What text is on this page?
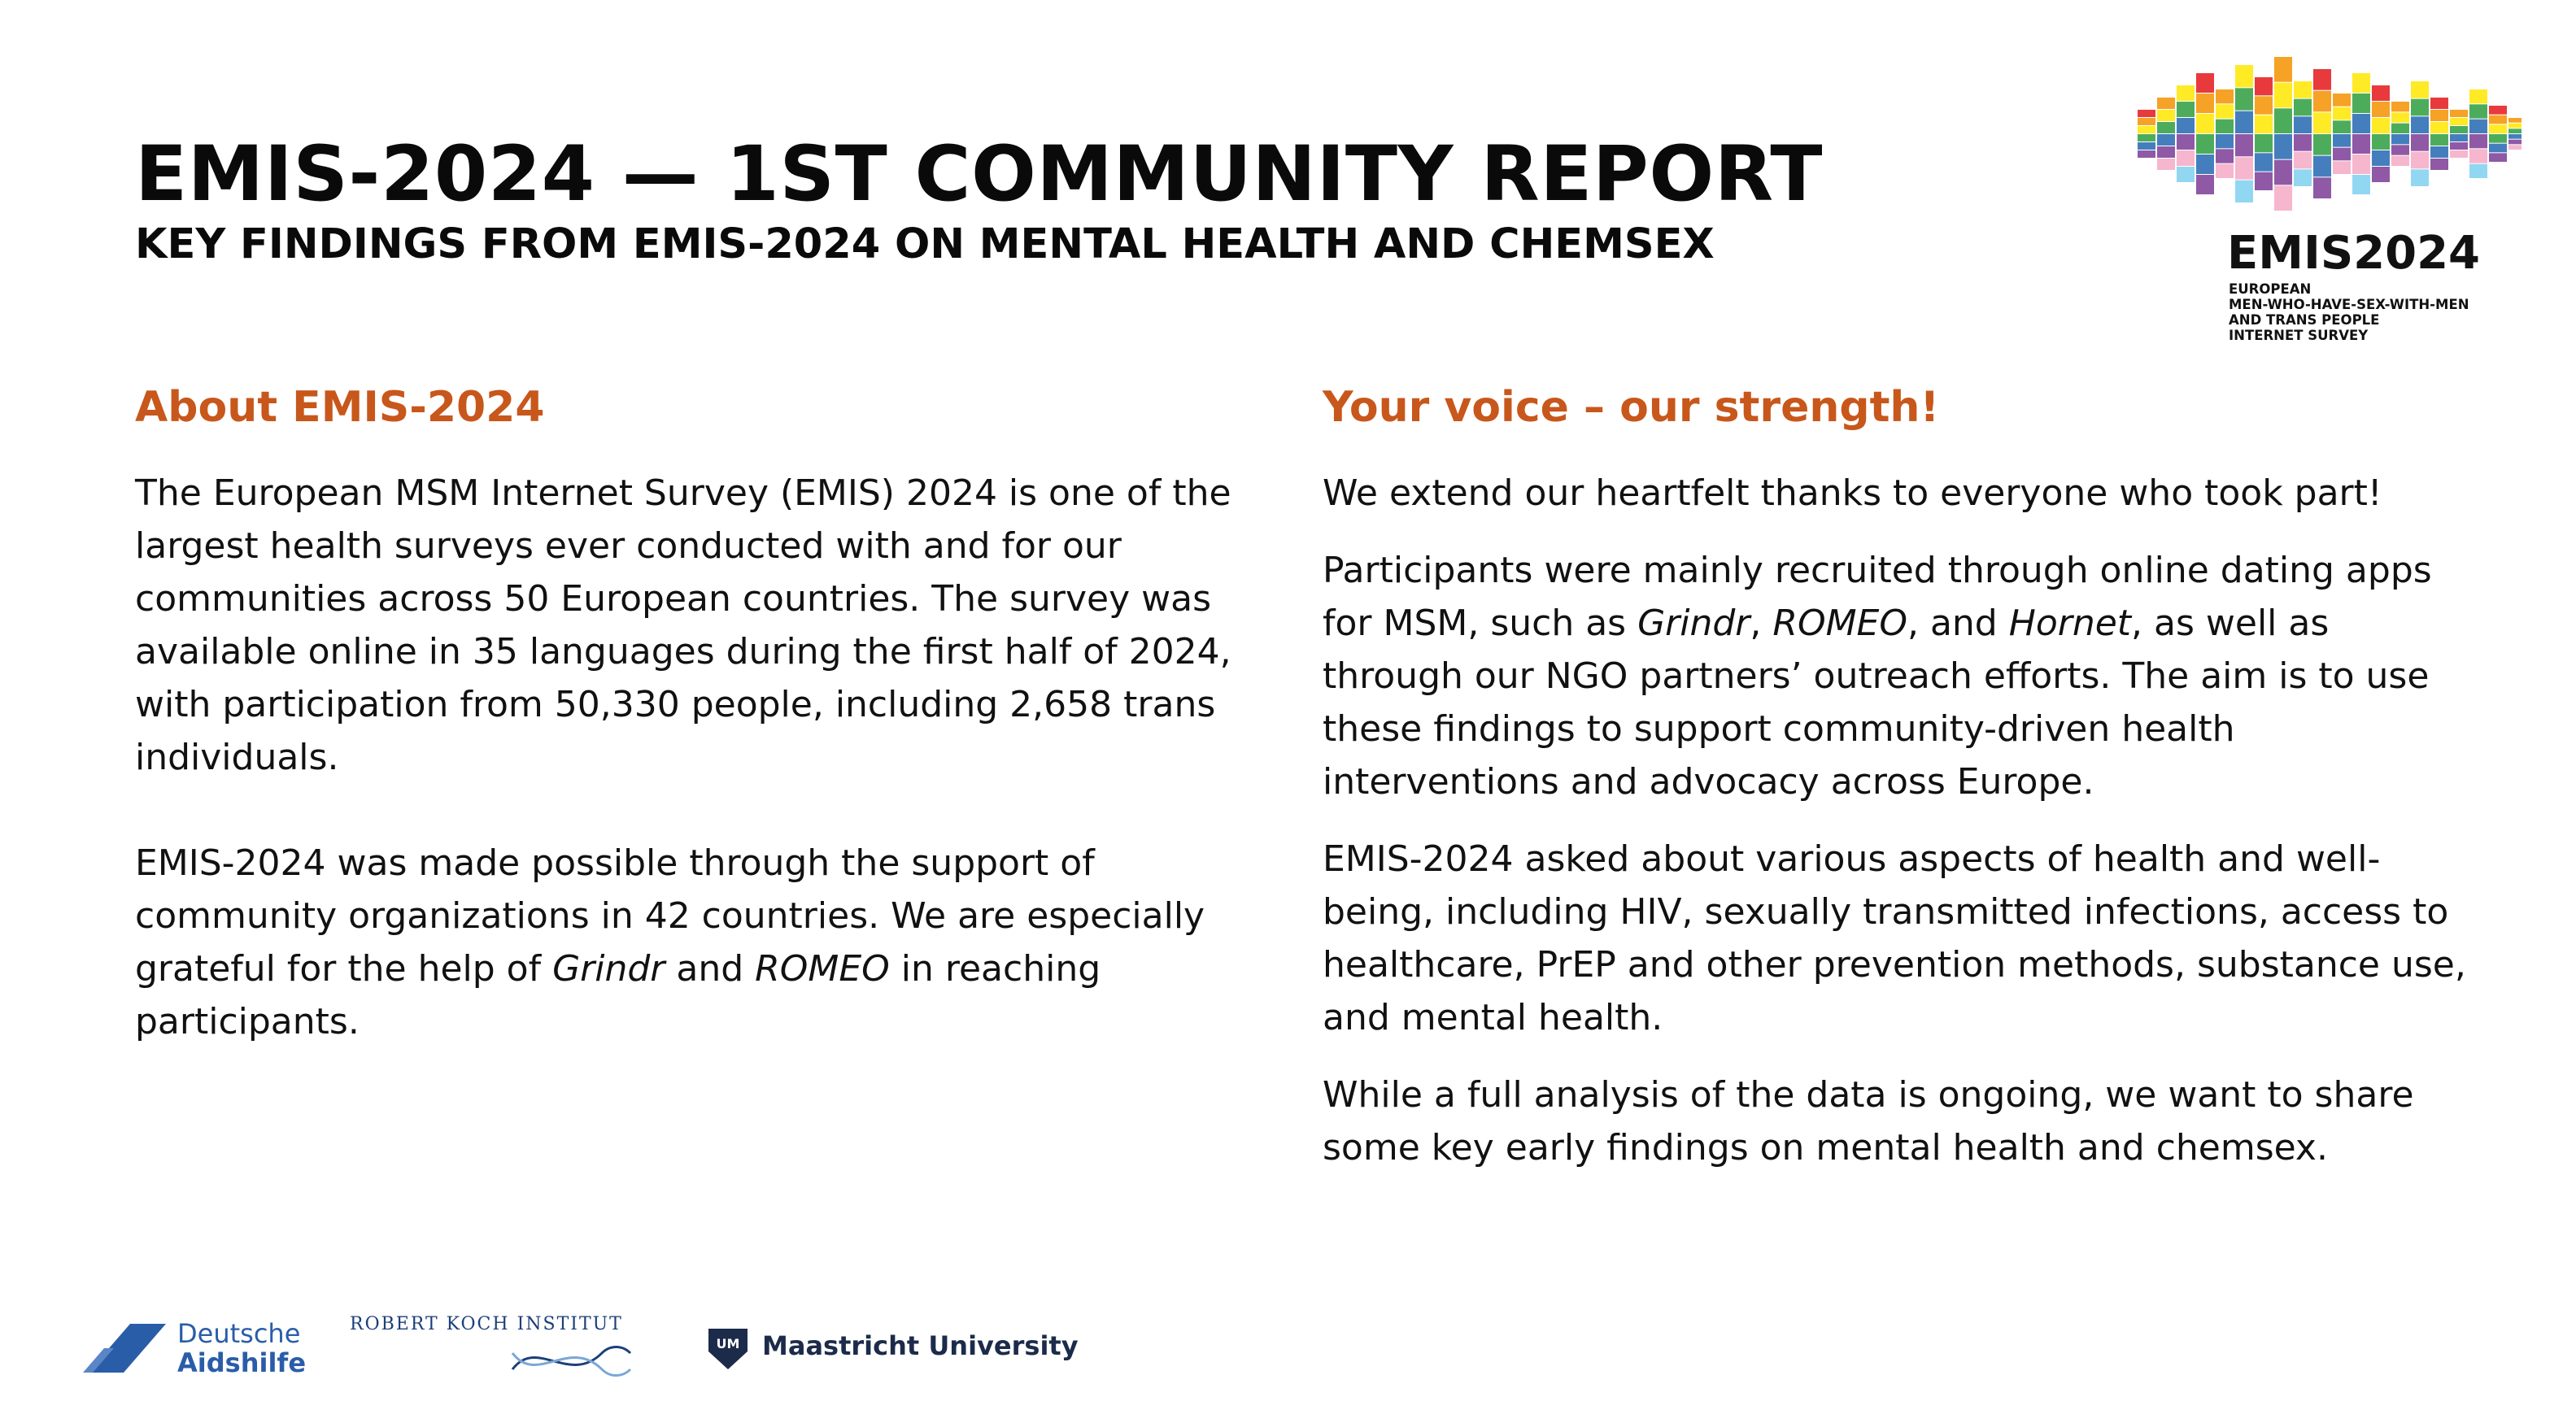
EMIS-2024 — 1ST COMMUNITY REPORT
KEY FINDINGS FROM EMIS-2024 ON MENTAL HEALTH AND CHEMSEX	EMIS2024
EUROPEAN
MEN-WHO-HAVE-SEX-WITH-MEN
AND TRANS PEOPLE
INTERNET SURVEY
About EMIS-2024

The European MSM Internet Survey (EMIS) 2024 is one of the largest health surveys ever conducted with and for our communities across 50 European countries. The survey was available online in 35 languages during the first half of 2024, with participation from 50,330 people, including 2,658 trans individuals.

EMIS-2024 was made possible through the support of community organizations in 42 countries. We are especially grateful for the help of Grindr and ROMEO in reaching participants.

Your voice – our strength!

We extend our heartfelt thanks to everyone who took part!

Participants were mainly recruited through online dating apps for MSM, such as Grindr, ROMEO, and Hornet, as well as through our NGO partners’ outreach efforts. The aim is to use these findings to support community-driven health interventions and advocacy across Europe.

EMIS-2024 asked about various aspects of health and well-being, including HIV, sexually transmitted infections, access to healthcare, PrEP and other prevention methods, substance use, and mental health.

While a full analysis of the data is ongoing, we want to share some key early findings on mental health and chemsex.

Deutsche
Aidshilfe
ROBERT KOCH INSTITUT
UM Maastricht University
